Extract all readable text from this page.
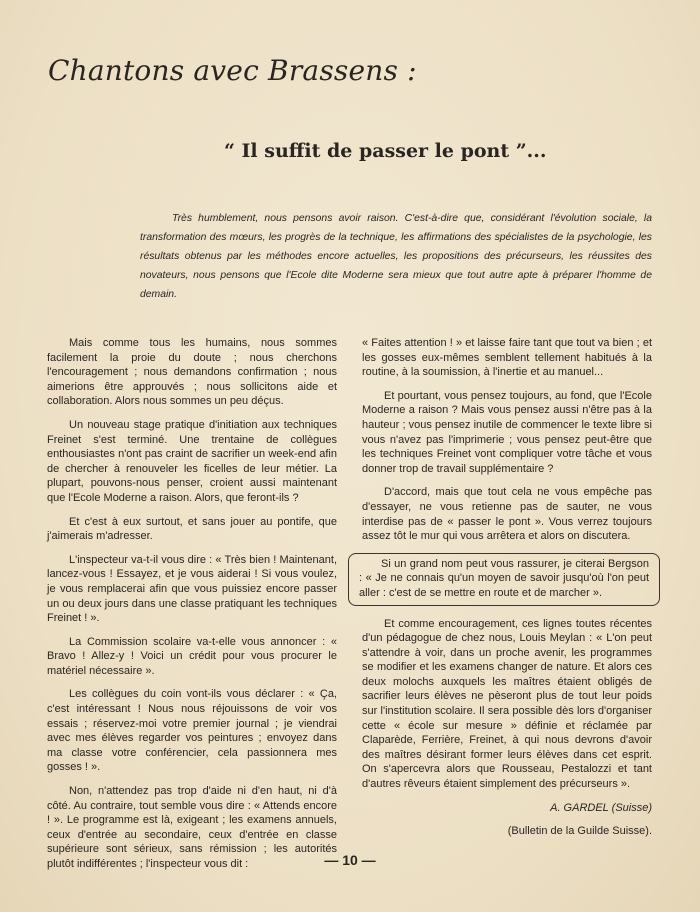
Chantons avec Brassens :
“ Il suffit de passer le pont ”...
Très humblement, nous pensons avoir raison. C'est-à-dire que, considérant l'évolution sociale, la transformation des mœurs, les progrès de la technique, les affirmations des spécialistes de la psychologie, les résultats obtenus par les méthodes encore actuelles, les propositions des précurseurs, les réussites des novateurs, nous pensons que l'Ecole dite Moderne sera mieux que tout autre apte à préparer l'homme de demain.

Mais comme tous les humains, nous sommes facilement la proie du doute ; nous cherchons l'encouragement ; nous demandons confirmation ; nous aimerions être approuvés ; nous sollicitons aide et collaboration. Alors nous sommes un peu déçus.

Un nouveau stage pratique d'initiation aux techniques Freinet s'est terminé. Une trentaine de collègues enthousiastes n'ont pas craint de sacrifier un week-end afin de chercher à renouveler les ficelles de leur métier. La plupart, pouvons-nous penser, croient aussi maintenant que l'Ecole Moderne a raison. Alors, que feront-ils ?

Et c'est à eux surtout, et sans jouer au pontife, que j'aimerais m'adresser.

L'inspecteur va-t-il vous dire : « Très bien ! Maintenant, lancez-vous ! Essayez, et je vous aiderai ! Si vous voulez, je vous remplacerai afin que vous puissiez encore passer un ou deux jours dans une classe pratiquant les techniques Freinet ! ».

La Commission scolaire va-t-elle vous annoncer : « Bravo ! Allez-y ! Voici un crédit pour vous procurer le matériel nécessaire ».

Les collègues du coin vont-ils vous déclarer : « Ça, c'est intéressant ! Nous nous réjouissons de voir vos essais ; réservez-moi votre premier journal ; je viendrai avec mes élèves regarder vos peintures ; envoyez dans ma classe votre conférencier, cela passionnera mes gosses ! ».

Non, n'attendez pas trop d'aide ni d'en haut, ni d'à côté. Au contraire, tout semble vous dire : « Attends encore ! ». Le programme est là, exigeant ; les examens annuels, ceux d'entrée au secondaire, ceux d'entrée en classe supérieure sont sérieux, sans rémission ; les autorités plutôt indifférentes ; l'inspecteur vous dit :

« Faites attention ! » et laisse faire tant que tout va bien ; et les gosses eux-mêmes semblent tellement habitués à la routine, à la soumission, à l'inertie et au manuel...

Et pourtant, vous pensez toujours, au fond, que l'Ecole Moderne a raison ? Mais vous pensez aussi n'être pas à la hauteur ; vous pensez inutile de commencer le texte libre si vous n'avez pas l'imprimerie ; vous pensez peut-être que les techniques Freinet vont compliquer votre tâche et vous donner trop de travail supplémentaire ?

D'accord, mais que tout cela ne vous empêche pas d'essayer, ne vous retienne pas de sauter, ne vous interdise pas de « passer le pont ». Vous verrez toujours assez tôt le mur qui vous arrêtera et alors on discutera.

Si un grand nom peut vous rassurer, je citerai Bergson : « Je ne connais qu'un moyen de savoir jusqu'où l'on peut aller : c'est de se mettre en route et de marcher ».

Et comme encouragement, ces lignes toutes récentes d'un pédagogue de chez nous, Louis Meylan : « L'on peut s'attendre à voir, dans un proche avenir, les programmes se modifier et les examens changer de nature. Et alors ces deux molochs auxquels les maîtres étaient obligés de sacrifier leurs élèves ne pèseront plus de tout leur poids sur l'institution scolaire. Il sera possible dès lors d'organiser cette « école sur mesure » définie et réclamée par Claparède, Ferrière, Freinet, à qui nous devrons d'avoir des maîtres désirant former leurs élèves dans cet esprit. On s'apercevra alors que Rousseau, Pestalozzi et tant d'autres rêveurs étaient simplement des précurseurs ».

A. GARDEL (Suisse)

(Bulletin de la Guilde Suisse).

— 10 —
